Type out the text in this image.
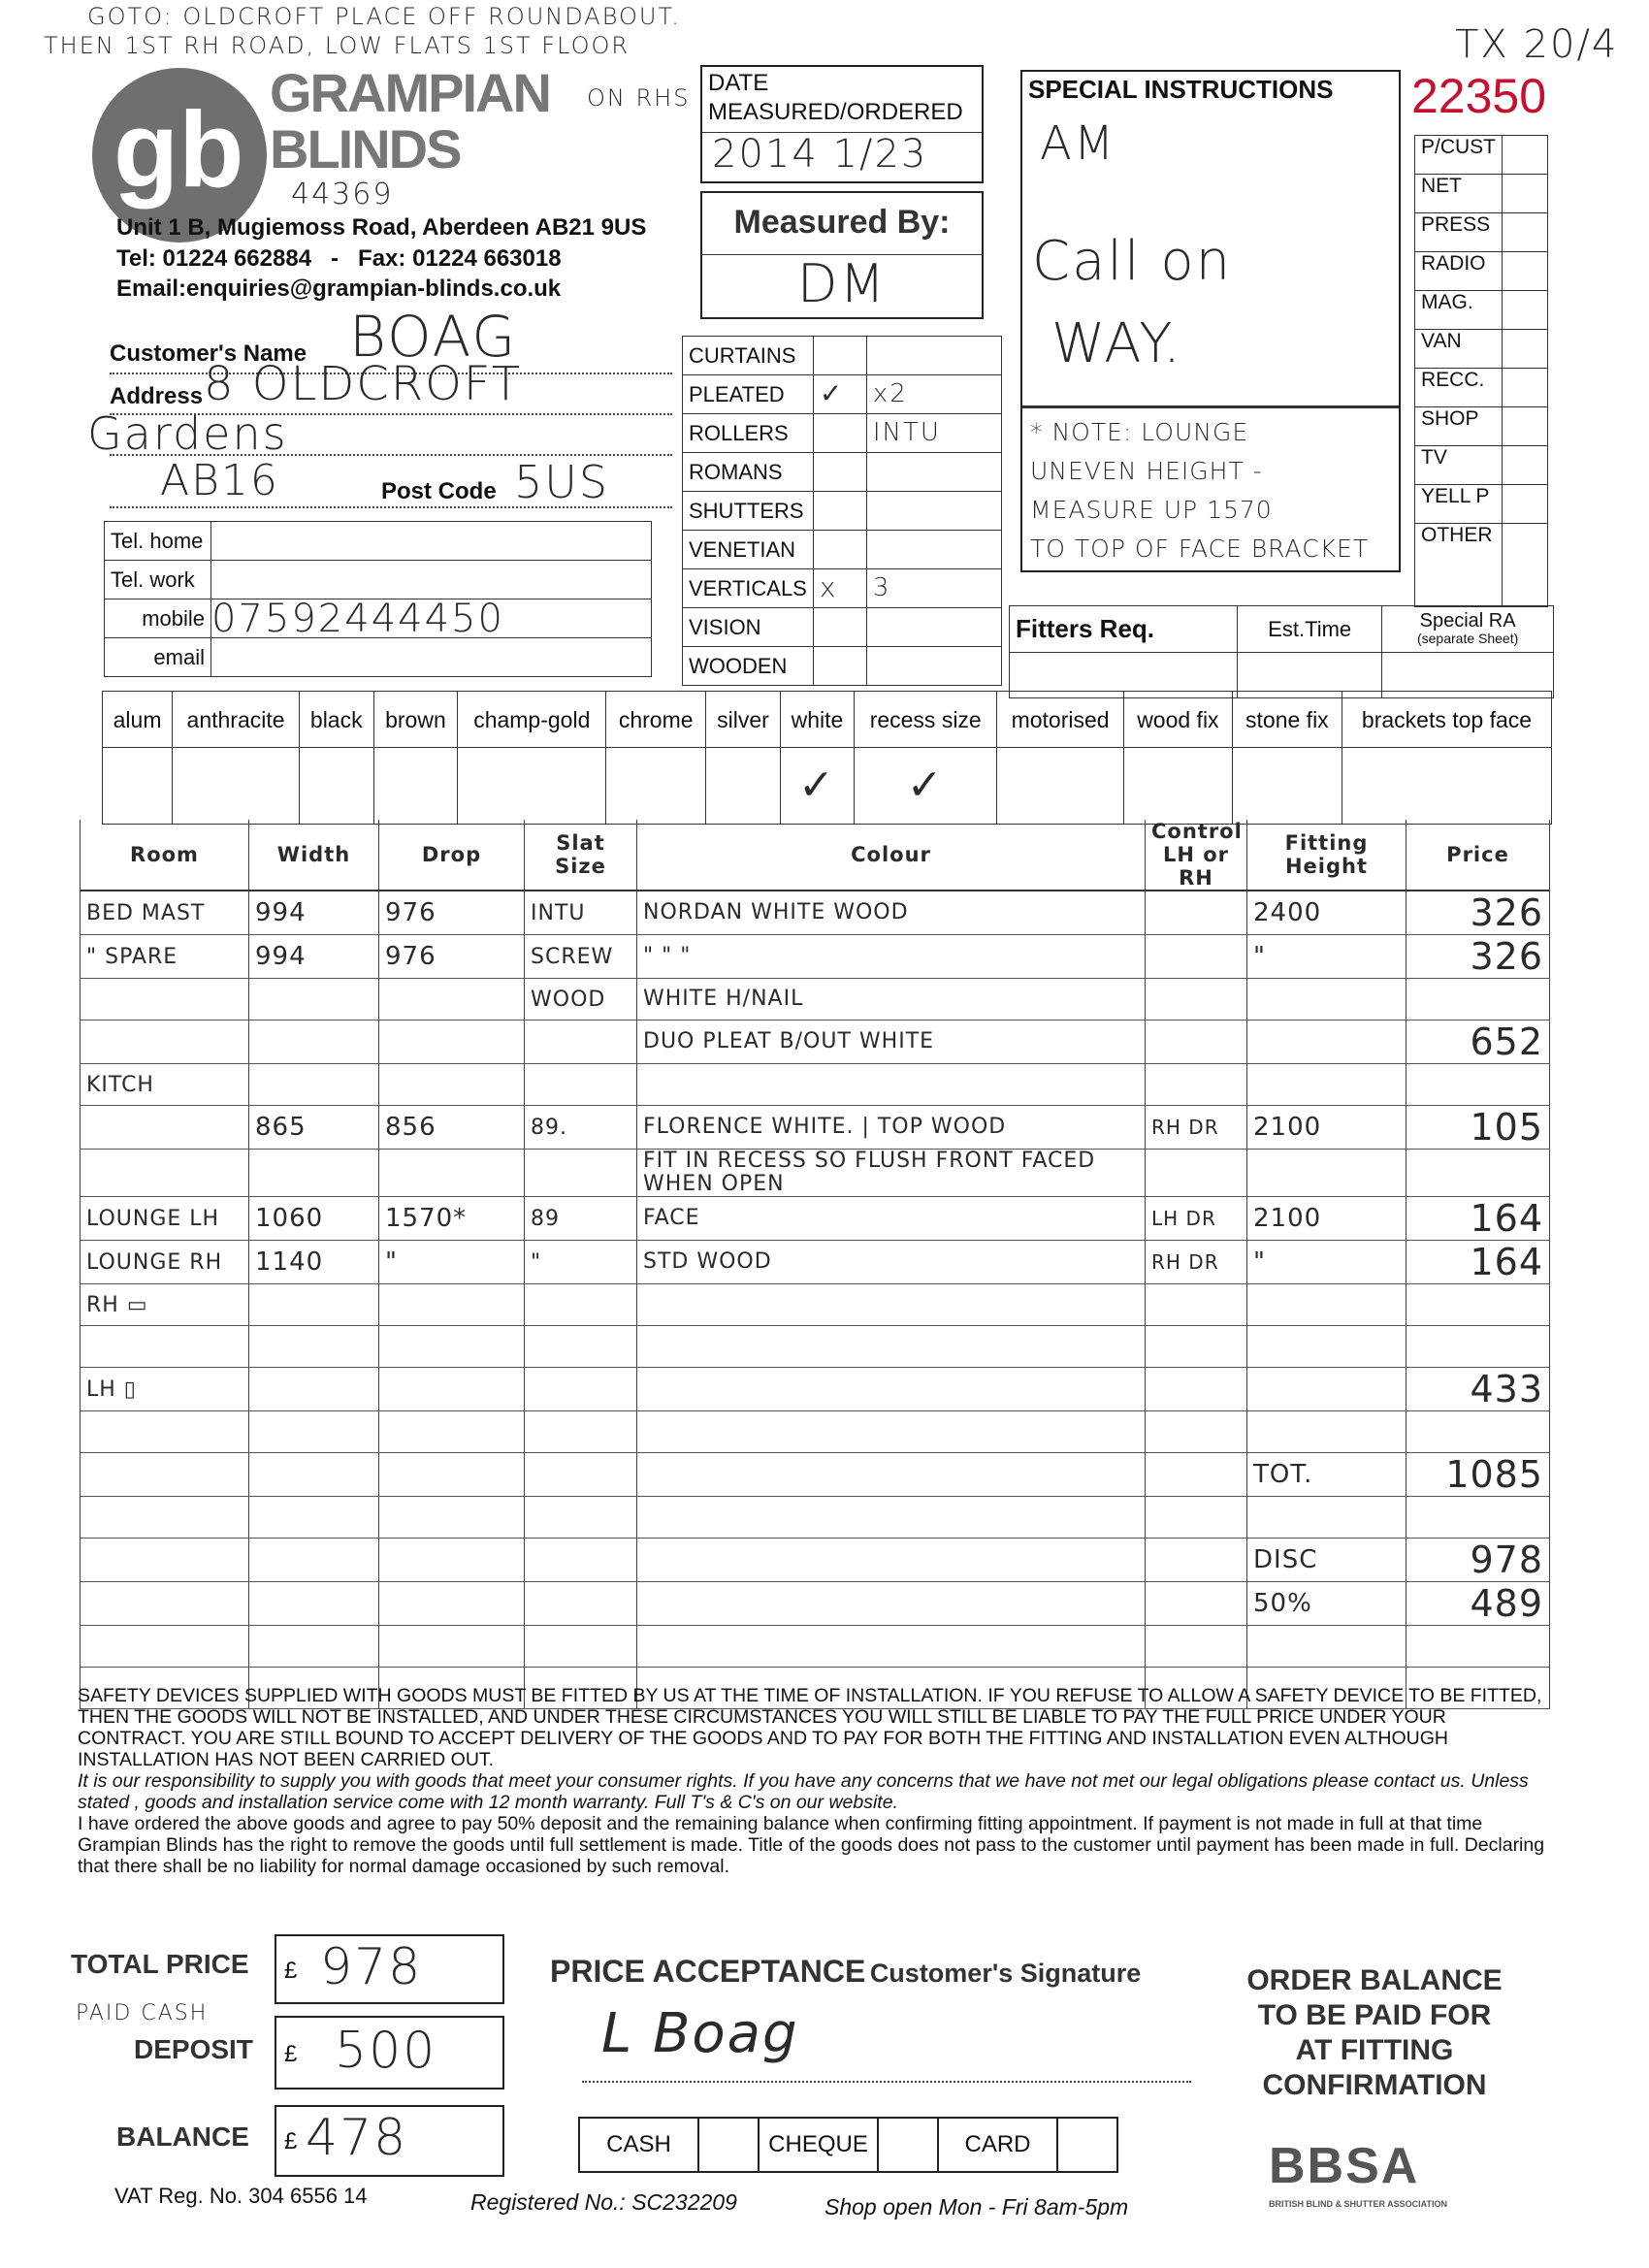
GOTO: OLDCROFT PLACE OFF ROUNDABOUT.
THEN 1ST RH ROAD, LOW FLATS 1ST FLOOR
ON RHS
TX 20/4
22350
gb GRAMPIAN
BLINDS
44369
Unit 1 B, Mugiemoss Road, Aberdeen AB21 9US
Tel: 01224 662884   -   Fax: 01224 663018
Email:enquiries@grampian-blinds.co.uk
DATE
MEASURED/ORDERED
2014 1/23
Measured By:
DM
SPECIAL INSTRUCTIONS
AM
Call on
WAY.
* NOTE: LOUNGE
UNEVEN HEIGHT -
MEASURE UP 1570
TO TOP OF FACE BRACKET
P/CUST	
NET	
PRESS	
RADIO	
MAG.	
VAN	
RECC.	
SHOP	
TV	
YELL P	
OTHER	
Customer's Name BOAG
Address 8 OLDCROFT
Gardens
AB16	Post Code 5US
Tel. home	
Tel. work	
mobile	07592444450
email	
CURTAINS		
PLEATED	✓	x2
ROLLERS		INTU
ROMANS		
SHUTTERS		
VENETIAN		
VERTICALS	x	3
VISION		
WOODEN		
Fitters Req.	Est.Time	Special RA
(separate Sheet)

alum	anthracite	black	brown	champ-gold	chrome	silver	white	recess size	motorised	wood fix	stone fix	brackets top face
							✓	✓				
Room	Width	Drop	Slat Size	Colour	Control LH or RH	Fitting Height	Price
BED MAST	994	976	INTU	NORDAN WHITE WOOD		2400	326
" SPARE	994	976	SCREW	" " "		"	326
			WOOD	WHITE H/NAIL			
				DUO PLEAT B/OUT WHITE			652
KITCH							
	865	856	89.	FLORENCE WHITE. | TOP WOOD	RH DR	2100	105
				FIT IN RECESS SO FLUSH FRONT FACED WHEN OPEN			
LOUNGE LH	1060	1570*	89	FACE	LH DR	2100	164
LOUNGE RH	1140	"	"	STD WOOD	RH DR	"	164
RH ▭							

LH ▯							433

						TOT.	1085

						DISC	978
						50%	489

SAFETY DEVICES SUPPLIED WITH GOODS MUST BE FITTED BY US AT THE TIME OF INSTALLATION. IF YOU REFUSE TO ALLOW A SAFETY DEVICE TO BE FITTED, THEN THE GOODS WILL NOT BE INSTALLED, AND UNDER THESE CIRCUMSTANCES YOU WILL STILL BE LIABLE TO PAY THE FULL PRICE UNDER YOUR CONTRACT. YOU ARE STILL BOUND TO ACCEPT DELIVERY OF THE GOODS AND TO PAY FOR BOTH THE FITTING AND INSTALLATION EVEN ALTHOUGH INSTALLATION HAS NOT BEEN CARRIED OUT.
It is our responsibility to supply you with goods that meet your consumer rights. If you have any concerns that we have not met our legal obligations please contact us. Unless stated , goods and installation service come with 12 month warranty. Full T's & C's on our website.
I have ordered the above goods and agree to pay 50% deposit and the remaining balance when confirming fitting appointment. If payment is not made in full at that time Grampian Blinds has the right to remove the goods until full settlement is made. Title of the goods does not pass to the customer until payment has been made in full. Declaring that there shall be no liability for normal damage occasioned by such removal.
TOTAL PRICE £ 978
PAID CASH
DEPOSIT £ 500
BALANCE £ 478
PRICE ACCEPTANCE Customer's Signature
L Boag
CASH	CHEQUE	CARD
ORDER BALANCE
TO BE PAID FOR
AT FITTING
CONFIRMATION
BBSA
BRITISH BLIND & SHUTTER ASSOCIATION
VAT Reg. No. 304 6556 14	Registered No.: SC232209	Shop open Mon - Fri 8am-5pm
